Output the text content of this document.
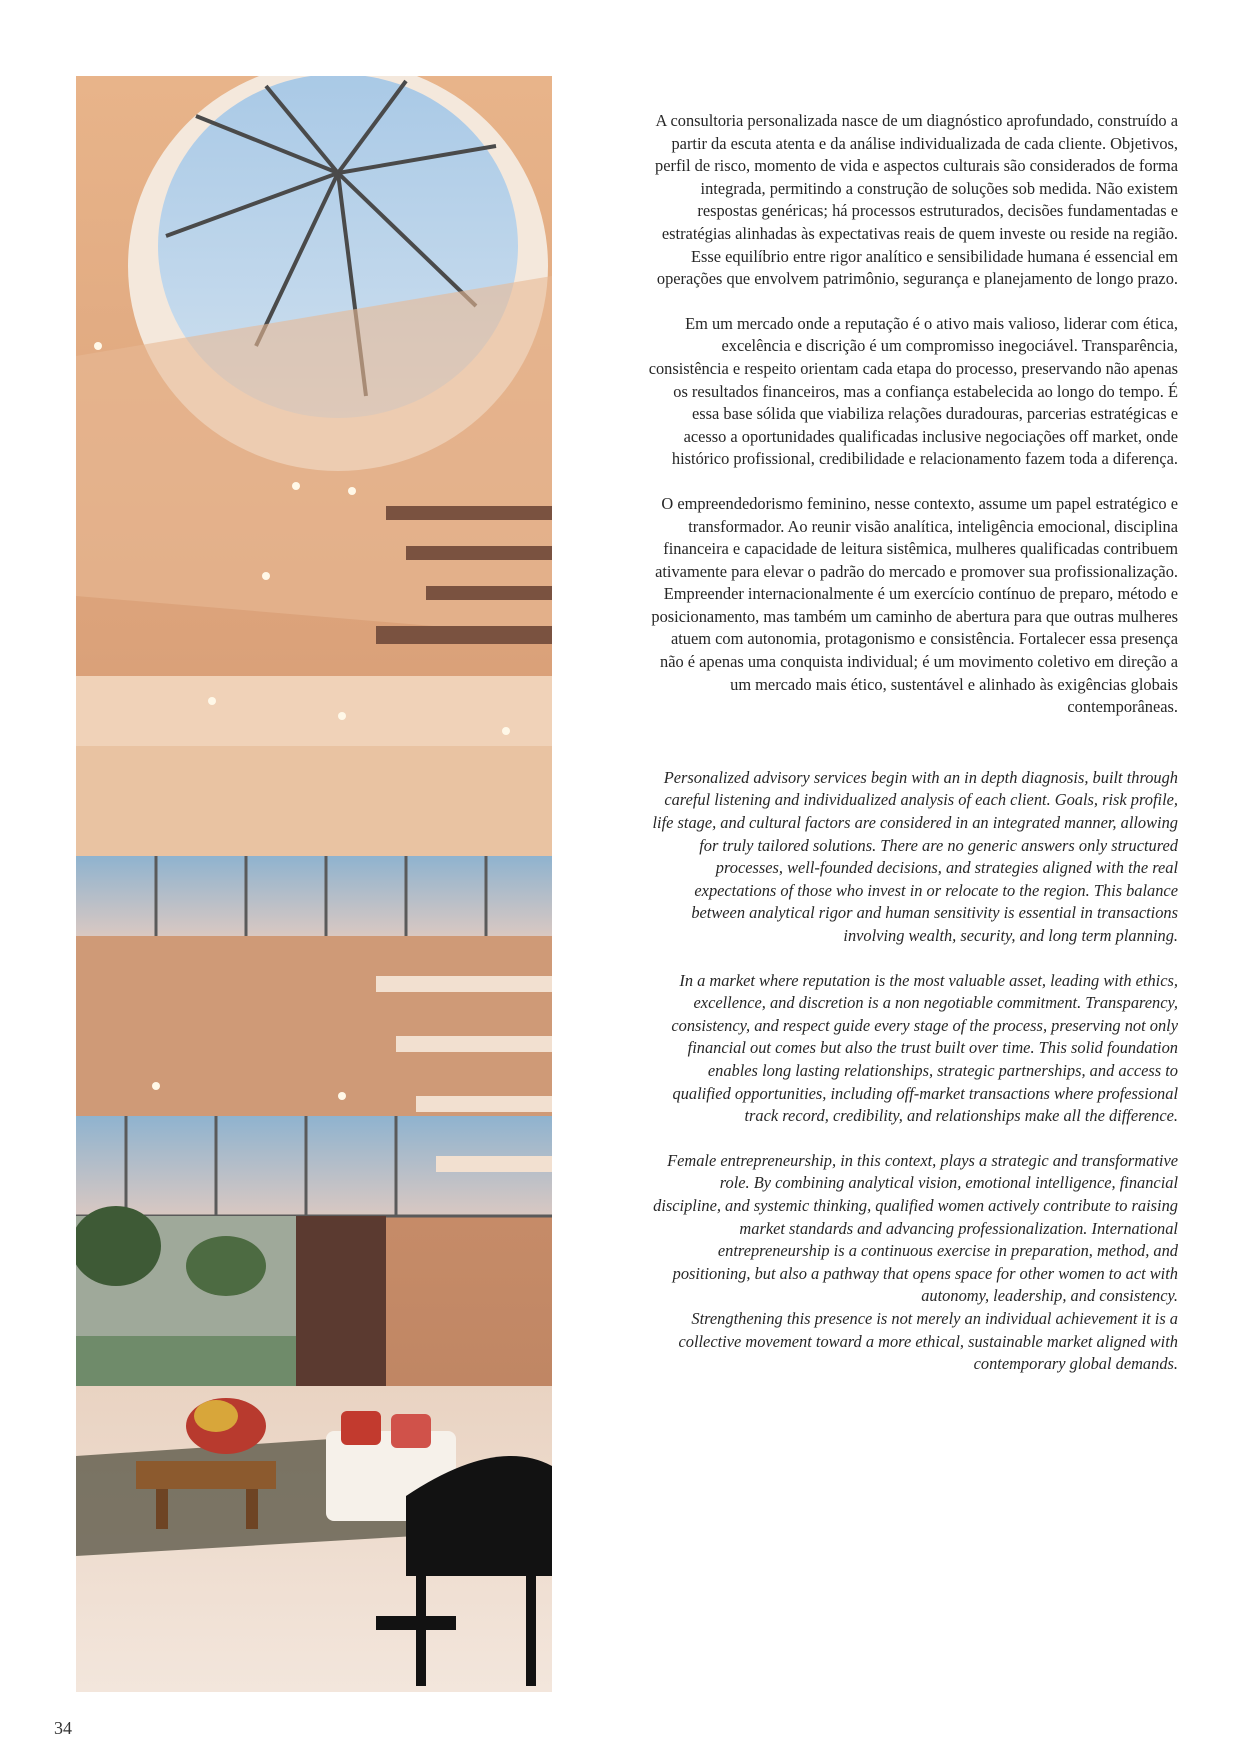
A consultoria personalizada nasce de um diagnóstico aprofundado, construído a partir da escuta atenta e da análise individualizada de cada cliente. Objetivos, perfil de risco, momento de vida e aspectos culturais são considerados de forma integrada, permitindo a construção de soluções sob medida. Não existem respostas genéricas; há processos estruturados, decisões fundamentadas e estratégias alinhadas às expectativas reais de quem investe ou reside na região. Esse equilíbrio entre rigor analítico e sensibilidade humana é essencial em operações que envolvem patrimônio, segurança e planejamento de longo prazo.

Em um mercado onde a reputação é o ativo mais valioso, liderar com ética, excelência e discrição é um compromisso inegociável. Transparência, consistência e respeito orientam cada etapa do processo, preservando não apenas os resultados financeiros, mas a confiança estabelecida ao longo do tempo. É essa base sólida que viabiliza relações duradouras, parcerias estratégicas e acesso a oportunidades qualificadas inclusive negociações off market, onde histórico profissional, credibilidade e relacionamento fazem toda a diferença.

O empreendedorismo feminino, nesse contexto, assume um papel estratégico e transformador. Ao reunir visão analítica, inteligência emocional, disciplina financeira e capacidade de leitura sistêmica, mulheres qualificadas contribuem ativamente para elevar o padrão do mercado e promover sua profissionalização. Empreender internacionalmente é um exercício contínuo de preparo, método e posicionamento, mas também um caminho de abertura para que outras mulheres atuem com autonomia, protagonismo e consistência. Fortalecer essa presença não é apenas uma conquista individual; é um movimento coletivo em direção a um mercado mais ético, sustentável e alinhado às exigências globais contemporâneas.

Personalized advisory services begin with an in depth diagnosis, built through careful listening and individualized analysis of each client. Goals, risk profile, life stage, and cultural factors are considered in an integrated manner, allowing for truly tailored solutions. There are no generic answers only structured processes, well-founded decisions, and strategies aligned with the real expectations of those who invest in or relocate to the region. This balance between analytical rigor and human sensitivity is essential in transactions involving wealth, security, and long term planning.

In a market where reputation is the most valuable asset, leading with ethics, excellence, and discretion is a non negotiable commitment. Transparency, consistency, and respect guide every stage of the process, preserving not only financial out comes but also the trust built over time. This solid foundation enables long lasting relationships, strategic partnerships, and access to qualified opportunities, including off-market transactions where professional track record, credibility, and relationships make all the difference.

Female entrepreneurship, in this context, plays a strategic and transformative role. By combining analytical vision, emotional intelligence, financial discipline, and systemic thinking, qualified women actively contribute to raising market standards and advancing professionalization. International entrepreneurship is a continuous exercise in preparation, method, and positioning, but also a pathway that opens space for other women to act with autonomy, leadership, and consistency.

Strengthening this presence is not merely an individual achievement it is a collective movement toward a more ethical, sustainable market aligned with contemporary global demands.

34
